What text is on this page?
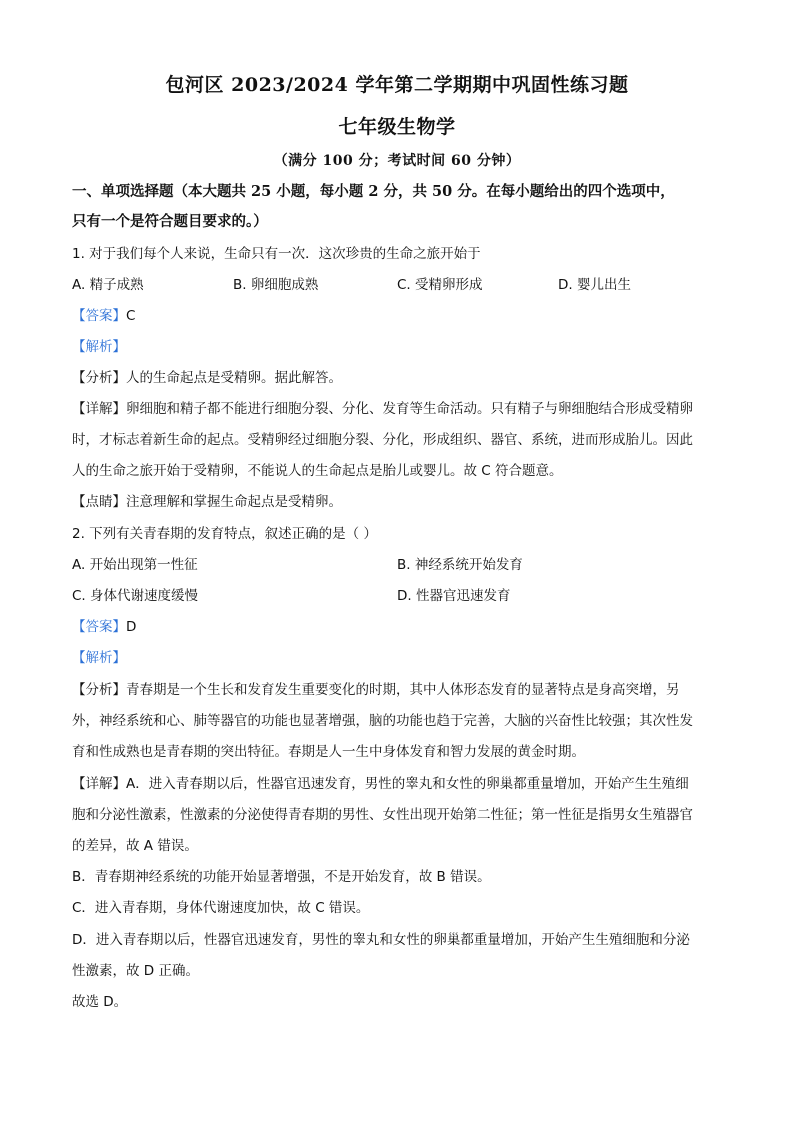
包河区 2023/2024 学年第二学期期中巩固性练习题
七年级生物学
（满分 100 分；考试时间 60 分钟）
一、单项选择题（本大题共 25 小题，每小题 2 分，共 50 分。在每小题给出的四个选项中，
只有一个是符合题目要求的。）
1. 对于我们每个人来说，生命只有一次．这次珍贵的生命之旅开始于
A. 精子成熟	B. 卵细胞成熟	C. 受精卵形成	D. 婴儿出生
【答案】C
【解析】
【分析】人的生命起点是受精卵。据此解答。
【详解】卵细胞和精子都不能进行细胞分裂、分化、发育等生命活动。只有精子与卵细胞结合形成受精卵
时，才标志着新生命的起点。受精卵经过细胞分裂、分化，形成组织、器官、系统，进而形成胎儿。因此
人的生命之旅开始于受精卵，不能说人的生命起点是胎儿或婴儿。故 C 符合题意。
【点睛】注意理解和掌握生命起点是受精卵。
2. 下列有关青春期的发育特点，叙述正确的是（ ）
A. 开始出现第一性征	B. 神经系统开始发育
C. 身体代谢速度缓慢	D. 性器官迅速发育
【答案】D
【解析】
【分析】青春期是一个生长和发育发生重要变化的时期，其中人体形态发育的显著特点是身高突增，另
外，神经系统和心、肺等器官的功能也显著增强，脑的功能也趋于完善，大脑的兴奋性比较强；其次性发
育和性成熟也是青春期的突出特征。春期是人一生中身体发育和智力发展的黄金时期。
【详解】A．进入青春期以后，性器官迅速发育，男性的睾丸和女性的卵巢都重量增加，开始产生生殖细
胞和分泌性激素，性激素的分泌使得青春期的男性、女性出现开始第二性征；第一性征是指男女生殖器官
的差异，故 A 错误。
B．青春期神经系统的功能开始显著增强，不是开始发育，故 B 错误。
C．进入青春期，身体代谢速度加快，故 C 错误。
D．进入青春期以后，性器官迅速发育，男性的睾丸和女性的卵巢都重量增加，开始产生生殖细胞和分泌
性激素，故 D 正确。
故选 D。
